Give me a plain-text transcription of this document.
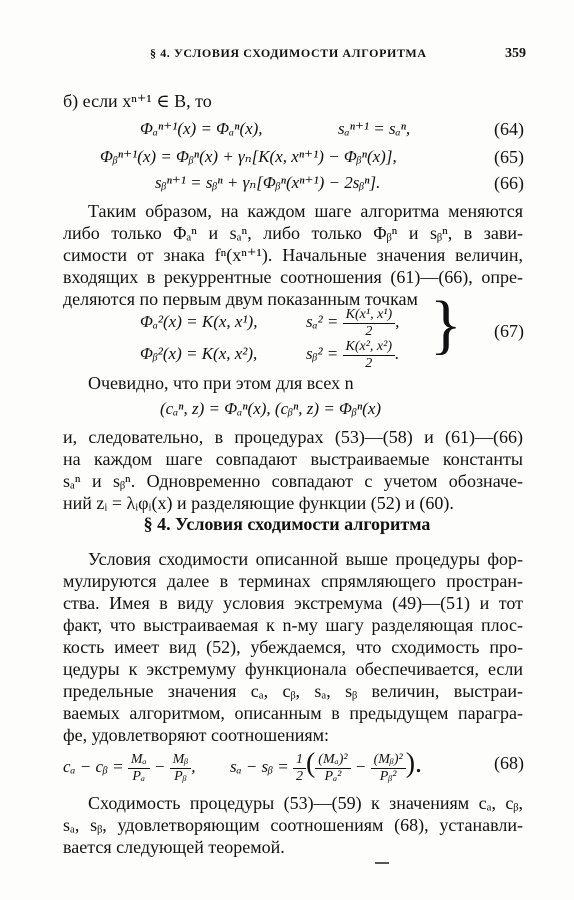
§ 4. УСЛОВИЯ СХОДИМОСТИ АЛГОРИТМА	359
б) если xⁿ⁺¹ ∈ B, то
Φₐⁿ⁺¹(x) = Φₐⁿ(x),	sₐⁿ⁺¹ = sₐⁿ,	(64)
Φᵦⁿ⁺¹(x) = Φᵦⁿ(x) + γₙ[K(x, xⁿ⁺¹) − Φᵦⁿ(x)],	(65)
sᵦⁿ⁺¹ = sᵦⁿ + γₙ[Φᵦⁿ(xⁿ⁺¹) − 2sᵦⁿ].	(66)
Таким образом, на каждом шаге алгоритма меняются
либо только Φₐⁿ и sₐⁿ, либо только Φᵦⁿ и sᵦⁿ, в зави-
симости от знака fⁿ(xⁿ⁺¹). Начальные значения величин,
входящих в рекуррентные соотношения (61)—(66), опре-
деляются по первым двум показанным точкам
Φₐ²(x) = K(x, x¹),	$s_a^2 = \frac{\text{K(x¹, x¹)}}{2}$ ,
Φᵦ²(x) = K(x, x²),	sᵦ² = $\frac{\text{K(x², x²)}}{2}$ . } (67)
Очевидно, что при этом для всех n
(cₐⁿ, z) = Φₐⁿ(x), (cᵦⁿ, z) = Φᵦⁿ(x)
и, следовательно, в процедурах (53)—(58) и (61)—(66)
на каждом шаге совпадают выстраиваемые константы
sₐⁿ и sᵦⁿ. Одновременно совпадают с учетом обозначе-
ний zᵢ = λᵢφᵢ(x) и разделяющие функции (52) и (60).
§ 4. Условия сходимости алгоритма
Условия сходимости описанной выше процедуры фор-
мулируются далее в терминах спрямляющего простран-
ства. Имея в виду условия экстремума (49)—(51) и тот
факт, что выстраиваемая к n-му шагу разделяющая плос-
кость имеет вид (52), убеждаемся, что сходимость про-
цедуры к экстремуму функционала обеспечивается, если
предельные значения cₐ, cᵦ, sₐ, sᵦ величин, выстраи-
ваемых алгоритмом, описанным в предыдущем парагра-
фе, удовлетворяют соотношениям:
cₐ − cᵦ = $\frac{\text{Mₐ}}{\text{Pₐ}} - \frac{\text{Mᵦ}}{\text{Pᵦ}}$ , sₐ − sᵦ = $\frac{1}{2}$ ( $\frac{\text{(Mₐ)²}}{\text{Pₐ²}} - \frac{\text{(Mᵦ)²}}{\text{Pᵦ²}}$ ).	(68)
Сходимость процедуры (53)—(59) к значениям cₐ, cᵦ,
sₐ, sᵦ, удовлетворяющим соотношениям (68), устанавли-
вается следующей теоремой.
